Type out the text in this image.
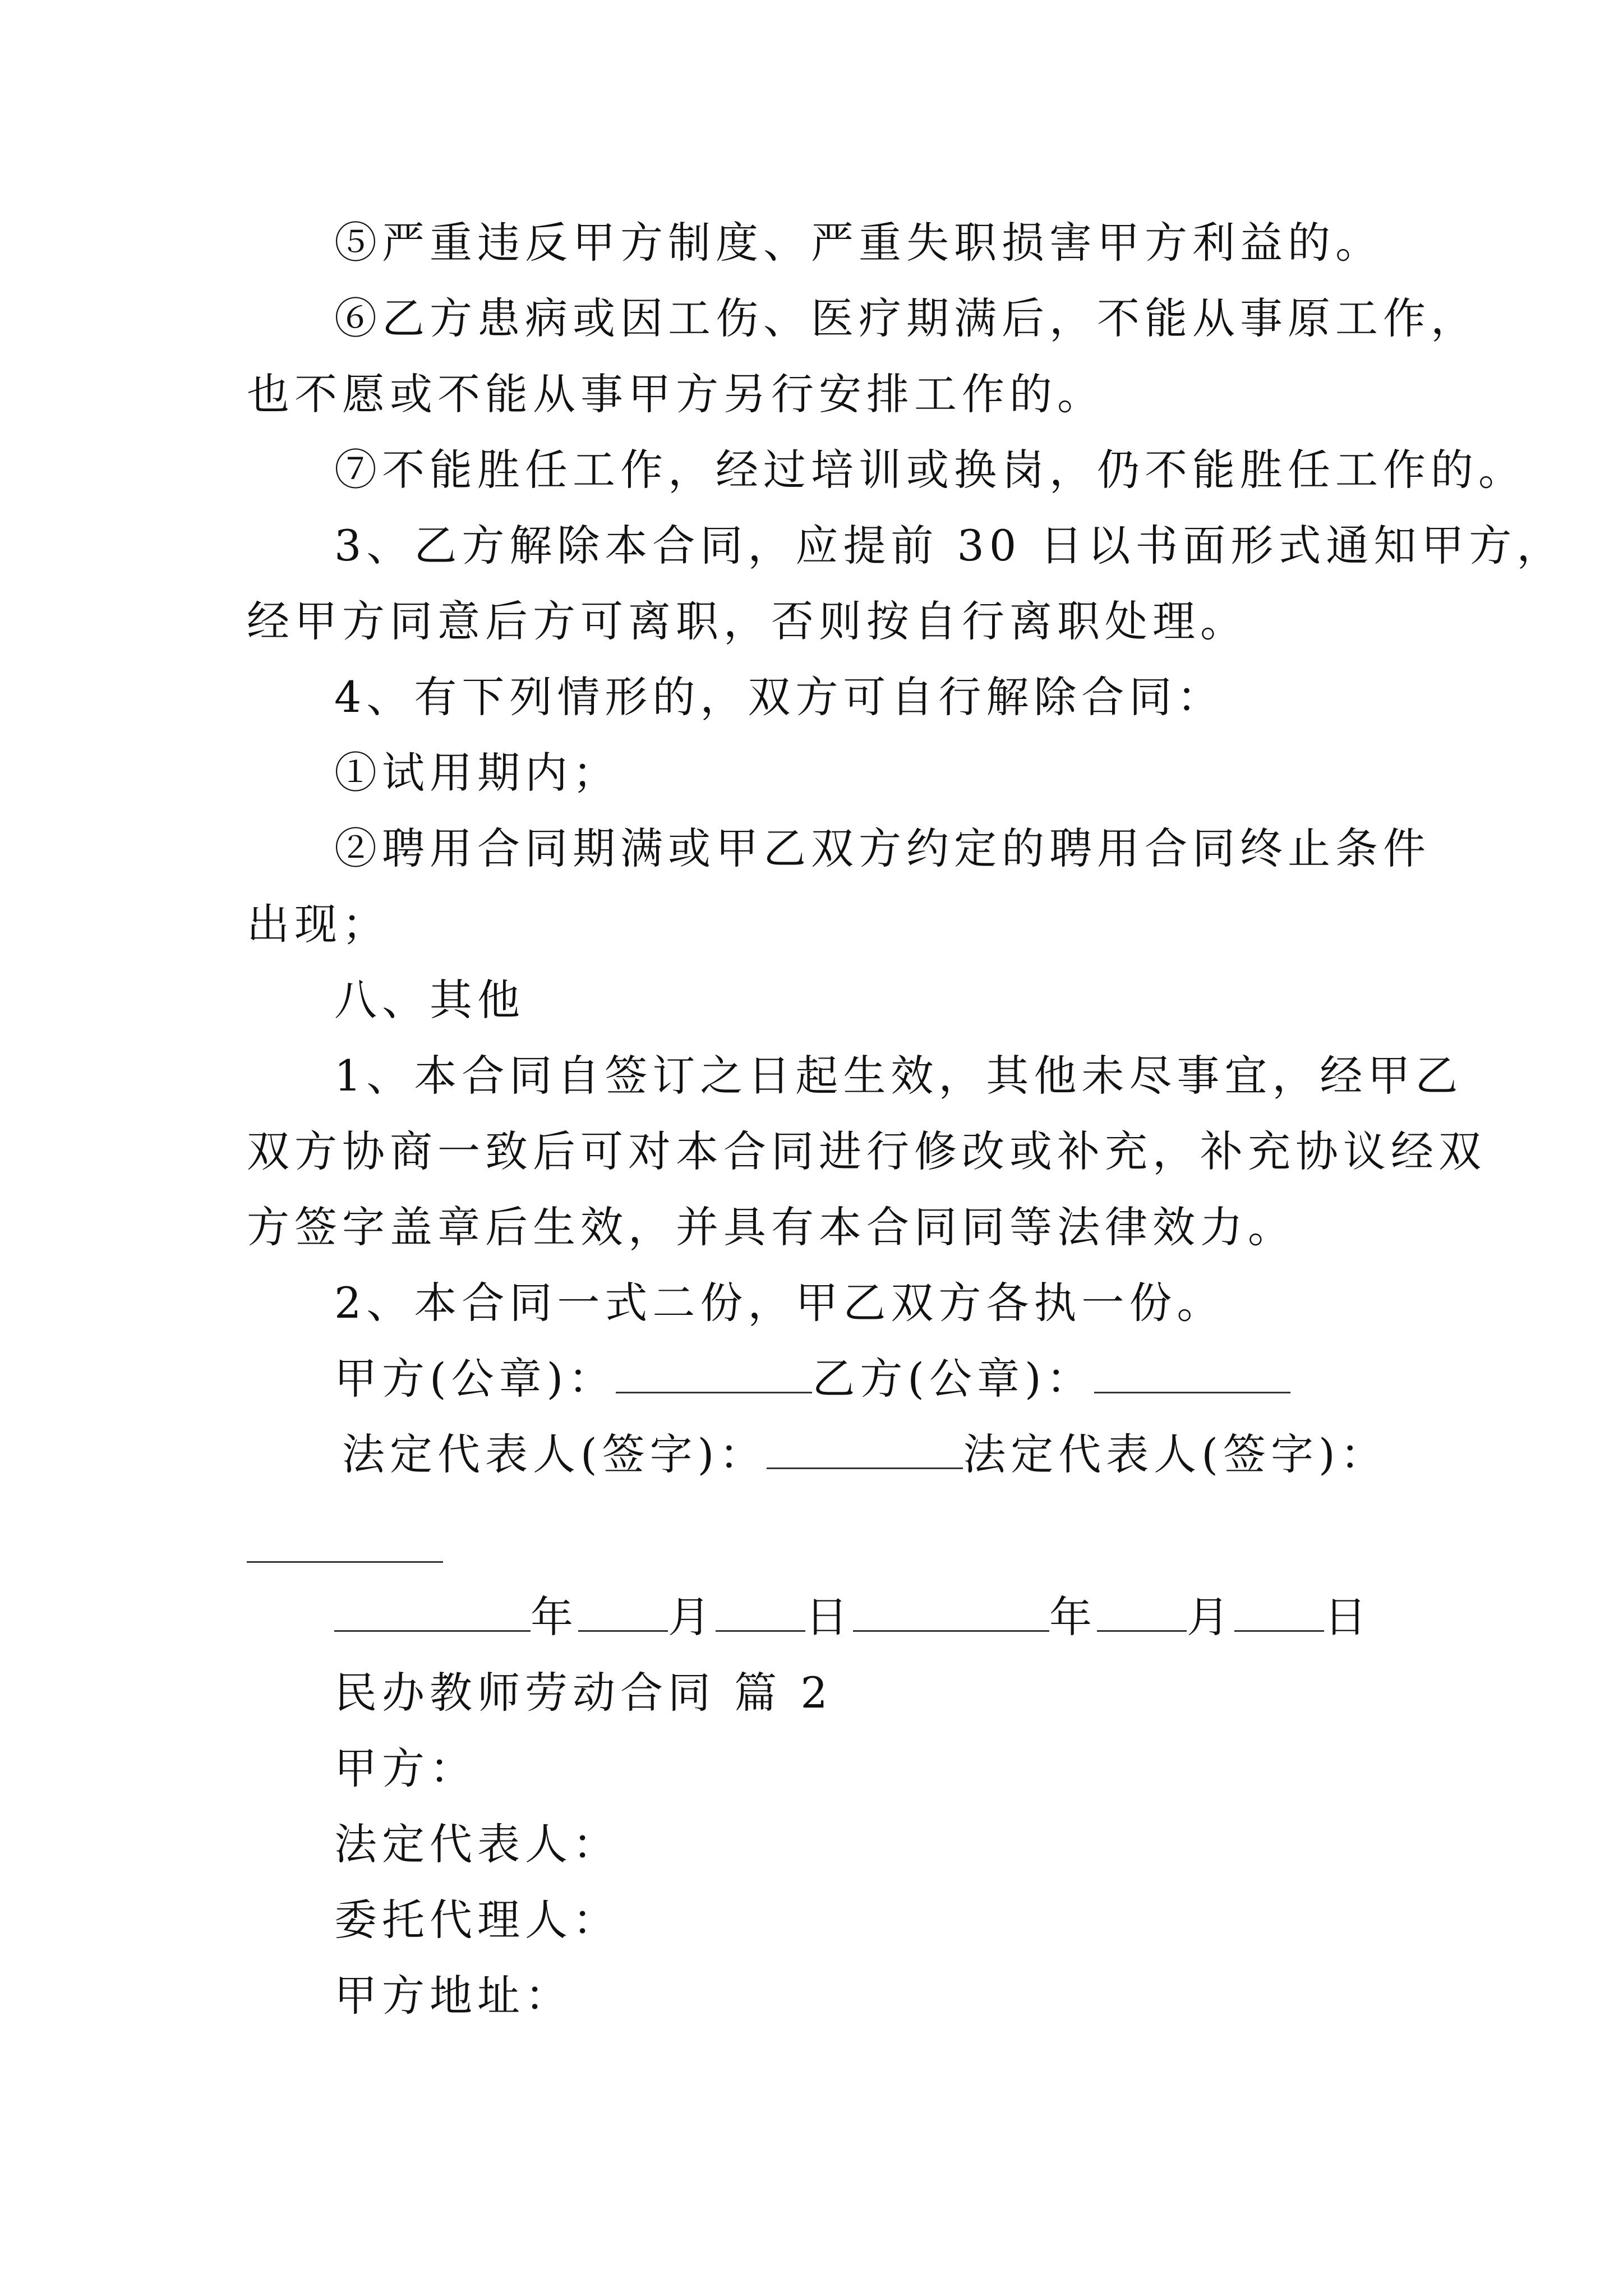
⑤严重违反甲方制度、严重失职损害甲方利益的。
⑥乙方患病或因工伤、医疗期满后，不能从事原工作，
也不愿或不能从事甲方另行安排工作的。
⑦不能胜任工作，经过培训或换岗，仍不能胜任工作的。
3、乙方解除本合同，应提前 30 日以书面形式通知甲方，
经甲方同意后方可离职，否则按自行离职处理。
4、有下列情形的，双方可自行解除合同：
①试用期内；
②聘用合同期满或甲乙双方约定的聘用合同终止条件
出现；
八、其他
1、本合同自签订之日起生效，其他未尽事宜，经甲乙
双方协商一致后可对本合同进行修改或补充，补充协议经双
方签字盖章后生效，并具有本合同同等法律效力。
2、本合同一式二份，甲乙双方各执一份。
甲方(公章)：	乙方(公章)：
法定代表人(签字)：	法定代表人(签字)：
年 月 日	年 月 日
民办教师劳动合同 篇 2
甲方：
法定代表人：
委托代理人：
甲方地址：
